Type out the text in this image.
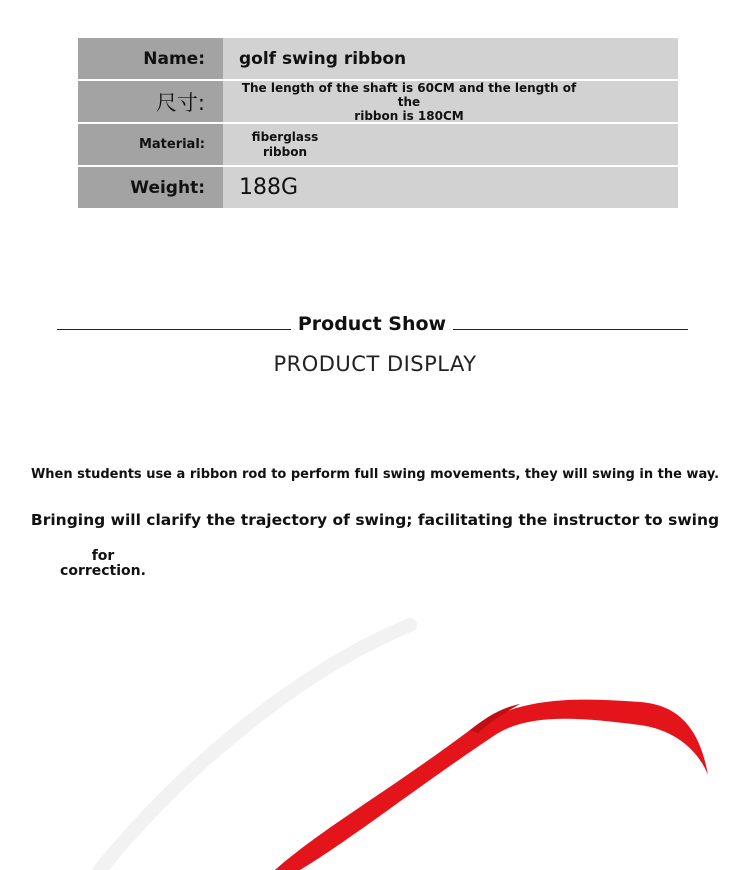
Name:	golf swing ribbon
尺寸:
The length of the shaft is 60CM and the length of the
ribbon is 180CM
Material:
fiberglass
ribbon
Weight:	188G
Product Show
PRODUCT DISPLAY
When students use a ribbon rod to perform full swing movements, they will swing in the way.
Bringing will clarify the trajectory of swing; facilitating the instructor to swing
for
correction.
